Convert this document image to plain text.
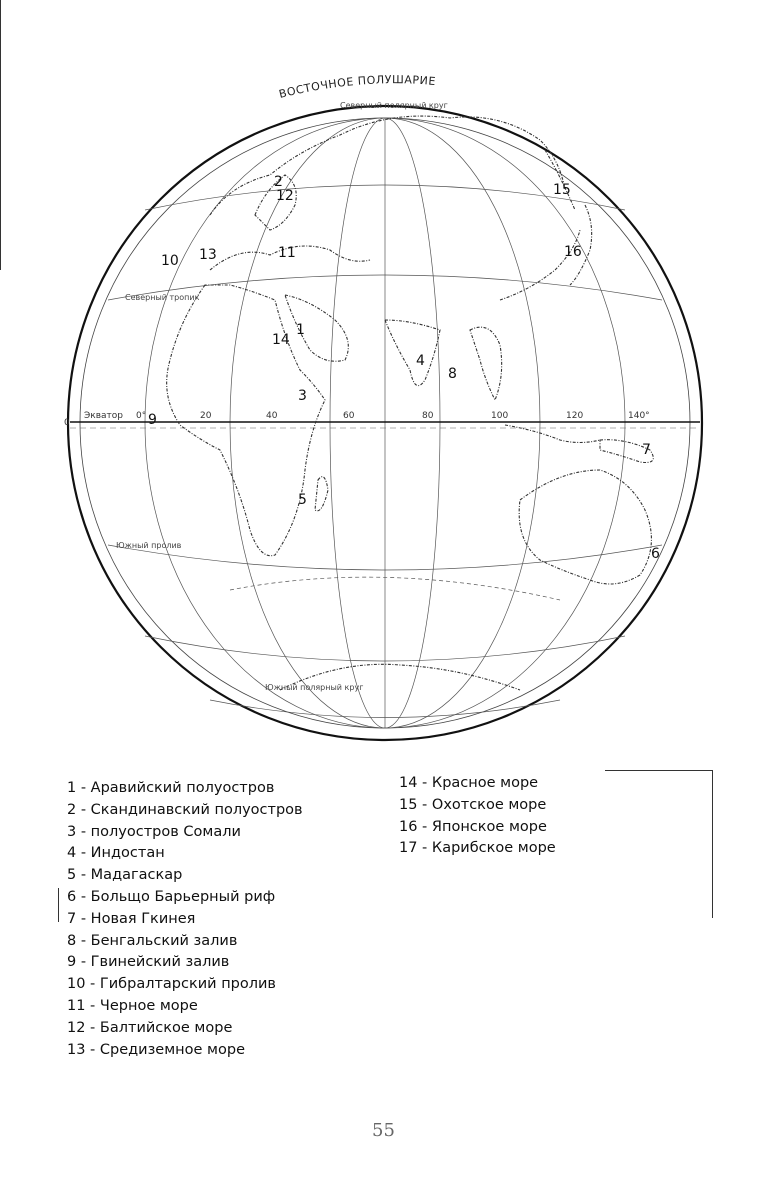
ВОСТОЧНОЕ ПОЛУШАРИЕ
Северный полярный круг
Северный тропик
Южный пролив
Южный полярный круг
0
Экватор 0°	20	40	60	80	100	120	140°
1
2
3
4
5
6
7
8
9
10	11
12
13
14
15
16
1 - Аравийский полуостров
2 - Скандинавский полуостров
3 - полуостров Сомали
4 - Индостан
5 - Мадагаскар
6 - Больщо Барьерный риф
7 - Новая Гкинея
8 - Бенгальский залив
9 - Гвинейский залив
10 - Гибралтарский пролив
11 - Черное море
12 - Балтийское море
13 - Средиземное море
14 - Красное море
15 - Охотское море
16 - Японское море
17 - Карибское море
55
